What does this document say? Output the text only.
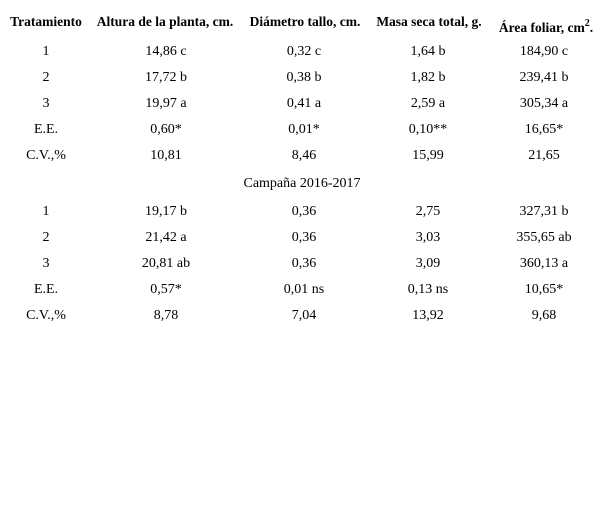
Tratamiento	Altura de la planta, cm.	Diámetro tallo, cm.	Masa seca total, g.	Área foliar, $cm^2$.
1	14,86 c	0,32 c	1,64 b	184,90 c
2	17,72 b	0,38 b	1,82 b	239,41 b
3	19,97 a	0,41 a	2,59 a	305,34 a
E.E.	0,60*	0,01*	0,10**	16,65*
C.V.,%	10,81	8,46	15,99	21,65
Campaña 2016-2017
1	19,17 b	0,36	2,75	327,31 b
2	21,42 a	0,36	3,03	355,65 ab
3	20,81 ab	0,36	3,09	360,13 a
E.E.	0,57*	0,01 ns	0,13 ns	10,65*
C.V.,%	8,78	7,04	13,92	9,68
